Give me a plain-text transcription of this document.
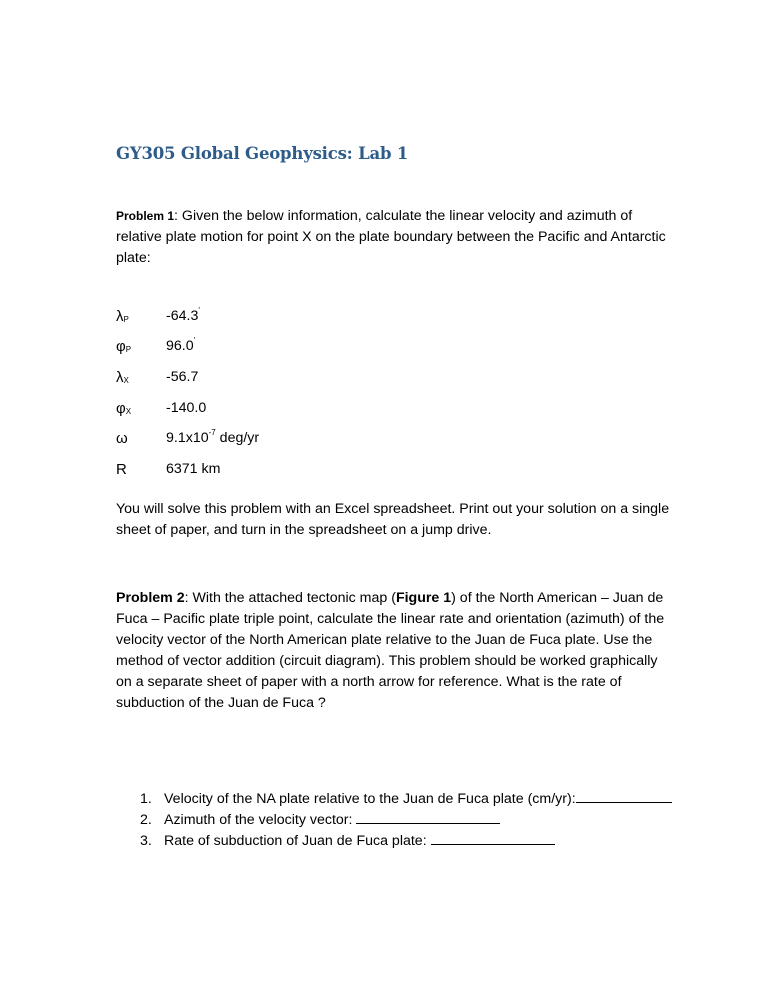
GY305 Global Geophysics: Lab 1
Problem 1: Given the below information, calculate the linear velocity and azimuth of relative plate motion for point X on the plate boundary between the Pacific and Antarctic plate:
$\lambda_P$	-64.3'
$\varphi_P$ 96.0'
$\lambda_X$	-56.7
$\varphi_X$ -140.0
ω	$9.1x10^{-7}$ deg/yr
R	6371 km
You will solve this problem with an Excel spreadsheet. Print out your solution on a single sheet of paper, and turn in the spreadsheet on a jump drive.
Problem 2: With the attached tectonic map (Figure 1) of the North American – Juan de Fuca – Pacific plate triple point, calculate the linear rate and orientation (azimuth) of the velocity vector of the North American plate relative to the Juan de Fuca plate. Use the method of vector addition (circuit diagram). This problem should be worked graphically on a separate sheet of paper with a north arrow for reference. What is the rate of subduction of the Juan de Fuca ?
1. Velocity of the NA plate relative to the Juan de Fuca plate (cm/yr):
2. Azimuth of the velocity vector:
3. Rate of subduction of Juan de Fuca plate:
